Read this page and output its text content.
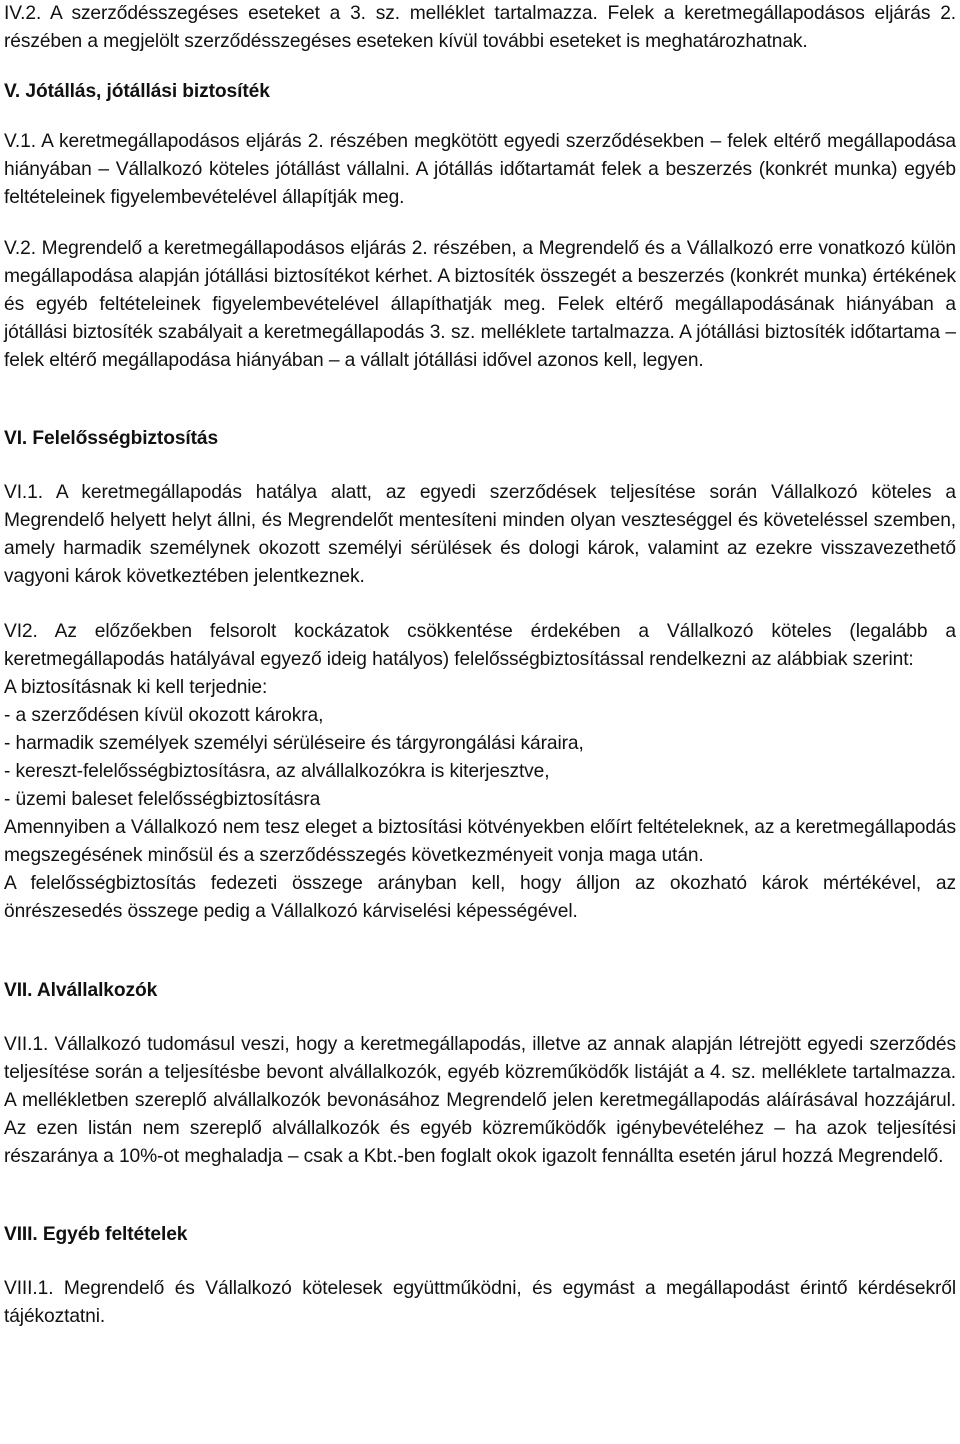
IV.2. A szerződésszegéses eseteket a 3. sz. melléklet tartalmazza. Felek a keretmegállapodásos eljárás 2. részében a megjelölt szerződésszegéses eseteken kívül további eseteket is meghatározhatnak.

V. Jótállás, jótállási biztosíték

V.1. A keretmegállapodásos eljárás 2. részében megkötött egyedi szerződésekben – felek eltérő megállapodása hiányában – Vállalkozó köteles jótállást vállalni. A jótállás időtartamát felek a beszerzés (konkrét munka) egyéb feltételeinek figyelembevételével állapítják meg.

V.2. Megrendelő a keretmegállapodásos eljárás 2. részében, a Megrendelő és a Vállalkozó erre vonatkozó külön megállapodása alapján jótállási biztosítékot kérhet. A biztosíték összegét a beszerzés (konkrét munka) értékének és egyéb feltételeinek figyelembevételével állapíthatják meg. Felek eltérő megállapodásának hiányában a jótállási biztosíték szabályait a keretmegállapodás 3. sz. melléklete tartalmazza. A jótállási biztosíték időtartama – felek eltérő megállapodása hiányában – a vállalt jótállási idővel azonos kell, legyen.

VI. Felelősségbiztosítás

VI.1. A keretmegállapodás hatálya alatt, az egyedi szerződések teljesítése során Vállalkozó köteles a Megrendelő helyett helyt állni, és Megrendelőt mentesíteni minden olyan veszteséggel és követeléssel szemben, amely harmadik személynek okozott személyi sérülések és dologi károk, valamint az ezekre visszavezethető vagyoni károk következtében jelentkeznek.

VI2. Az előzőekben felsorolt kockázatok csökkentése érdekében a Vállalkozó köteles (legalább a keretmegállapodás hatályával egyező ideig hatályos) felelősségbiztosítással rendelkezni az alábbiak szerint:

A biztosításnak ki kell terjednie:

- a szerződésen kívül okozott károkra,

- harmadik személyek személyi sérüléseire és tárgyrongálási káraira,

- kereszt-felelősségbiztosításra, az alvállalkozókra is kiterjesztve,

- üzemi baleset felelősségbiztosításra

Amennyiben a Vállalkozó nem tesz eleget a biztosítási kötvényekben előírt feltételeknek, az a keretmegállapodás megszegésének minősül és a szerződésszegés következményeit vonja maga után.

A felelősségbiztosítás fedezeti összege arányban kell, hogy álljon az okozható károk mértékével, az önrészesedés összege pedig a Vállalkozó kárviselési képességével.

VII. Alvállalkozók

VII.1. Vállalkozó tudomásul veszi, hogy a keretmegállapodás, illetve az annak alapján létrejött egyedi szerződés teljesítése során a teljesítésbe bevont alvállalkozók, egyéb közreműködők listáját a 4. sz. melléklete tartalmazza. A mellékletben szereplő alvállalkozók bevonásához Megrendelő jelen keretmegállapodás aláírásával hozzájárul. Az ezen listán nem szereplő alvállalkozók és egyéb közreműködők igénybevételéhez – ha azok teljesítési részaránya a 10%-ot meghaladja – csak a Kbt.-ben foglalt okok igazolt fennállta esetén járul hozzá Megrendelő.

VIII. Egyéb feltételek

VIII.1. Megrendelő és Vállalkozó kötelesek együttműködni, és egymást a megállapodást érintő kérdésekről tájékoztatni.
